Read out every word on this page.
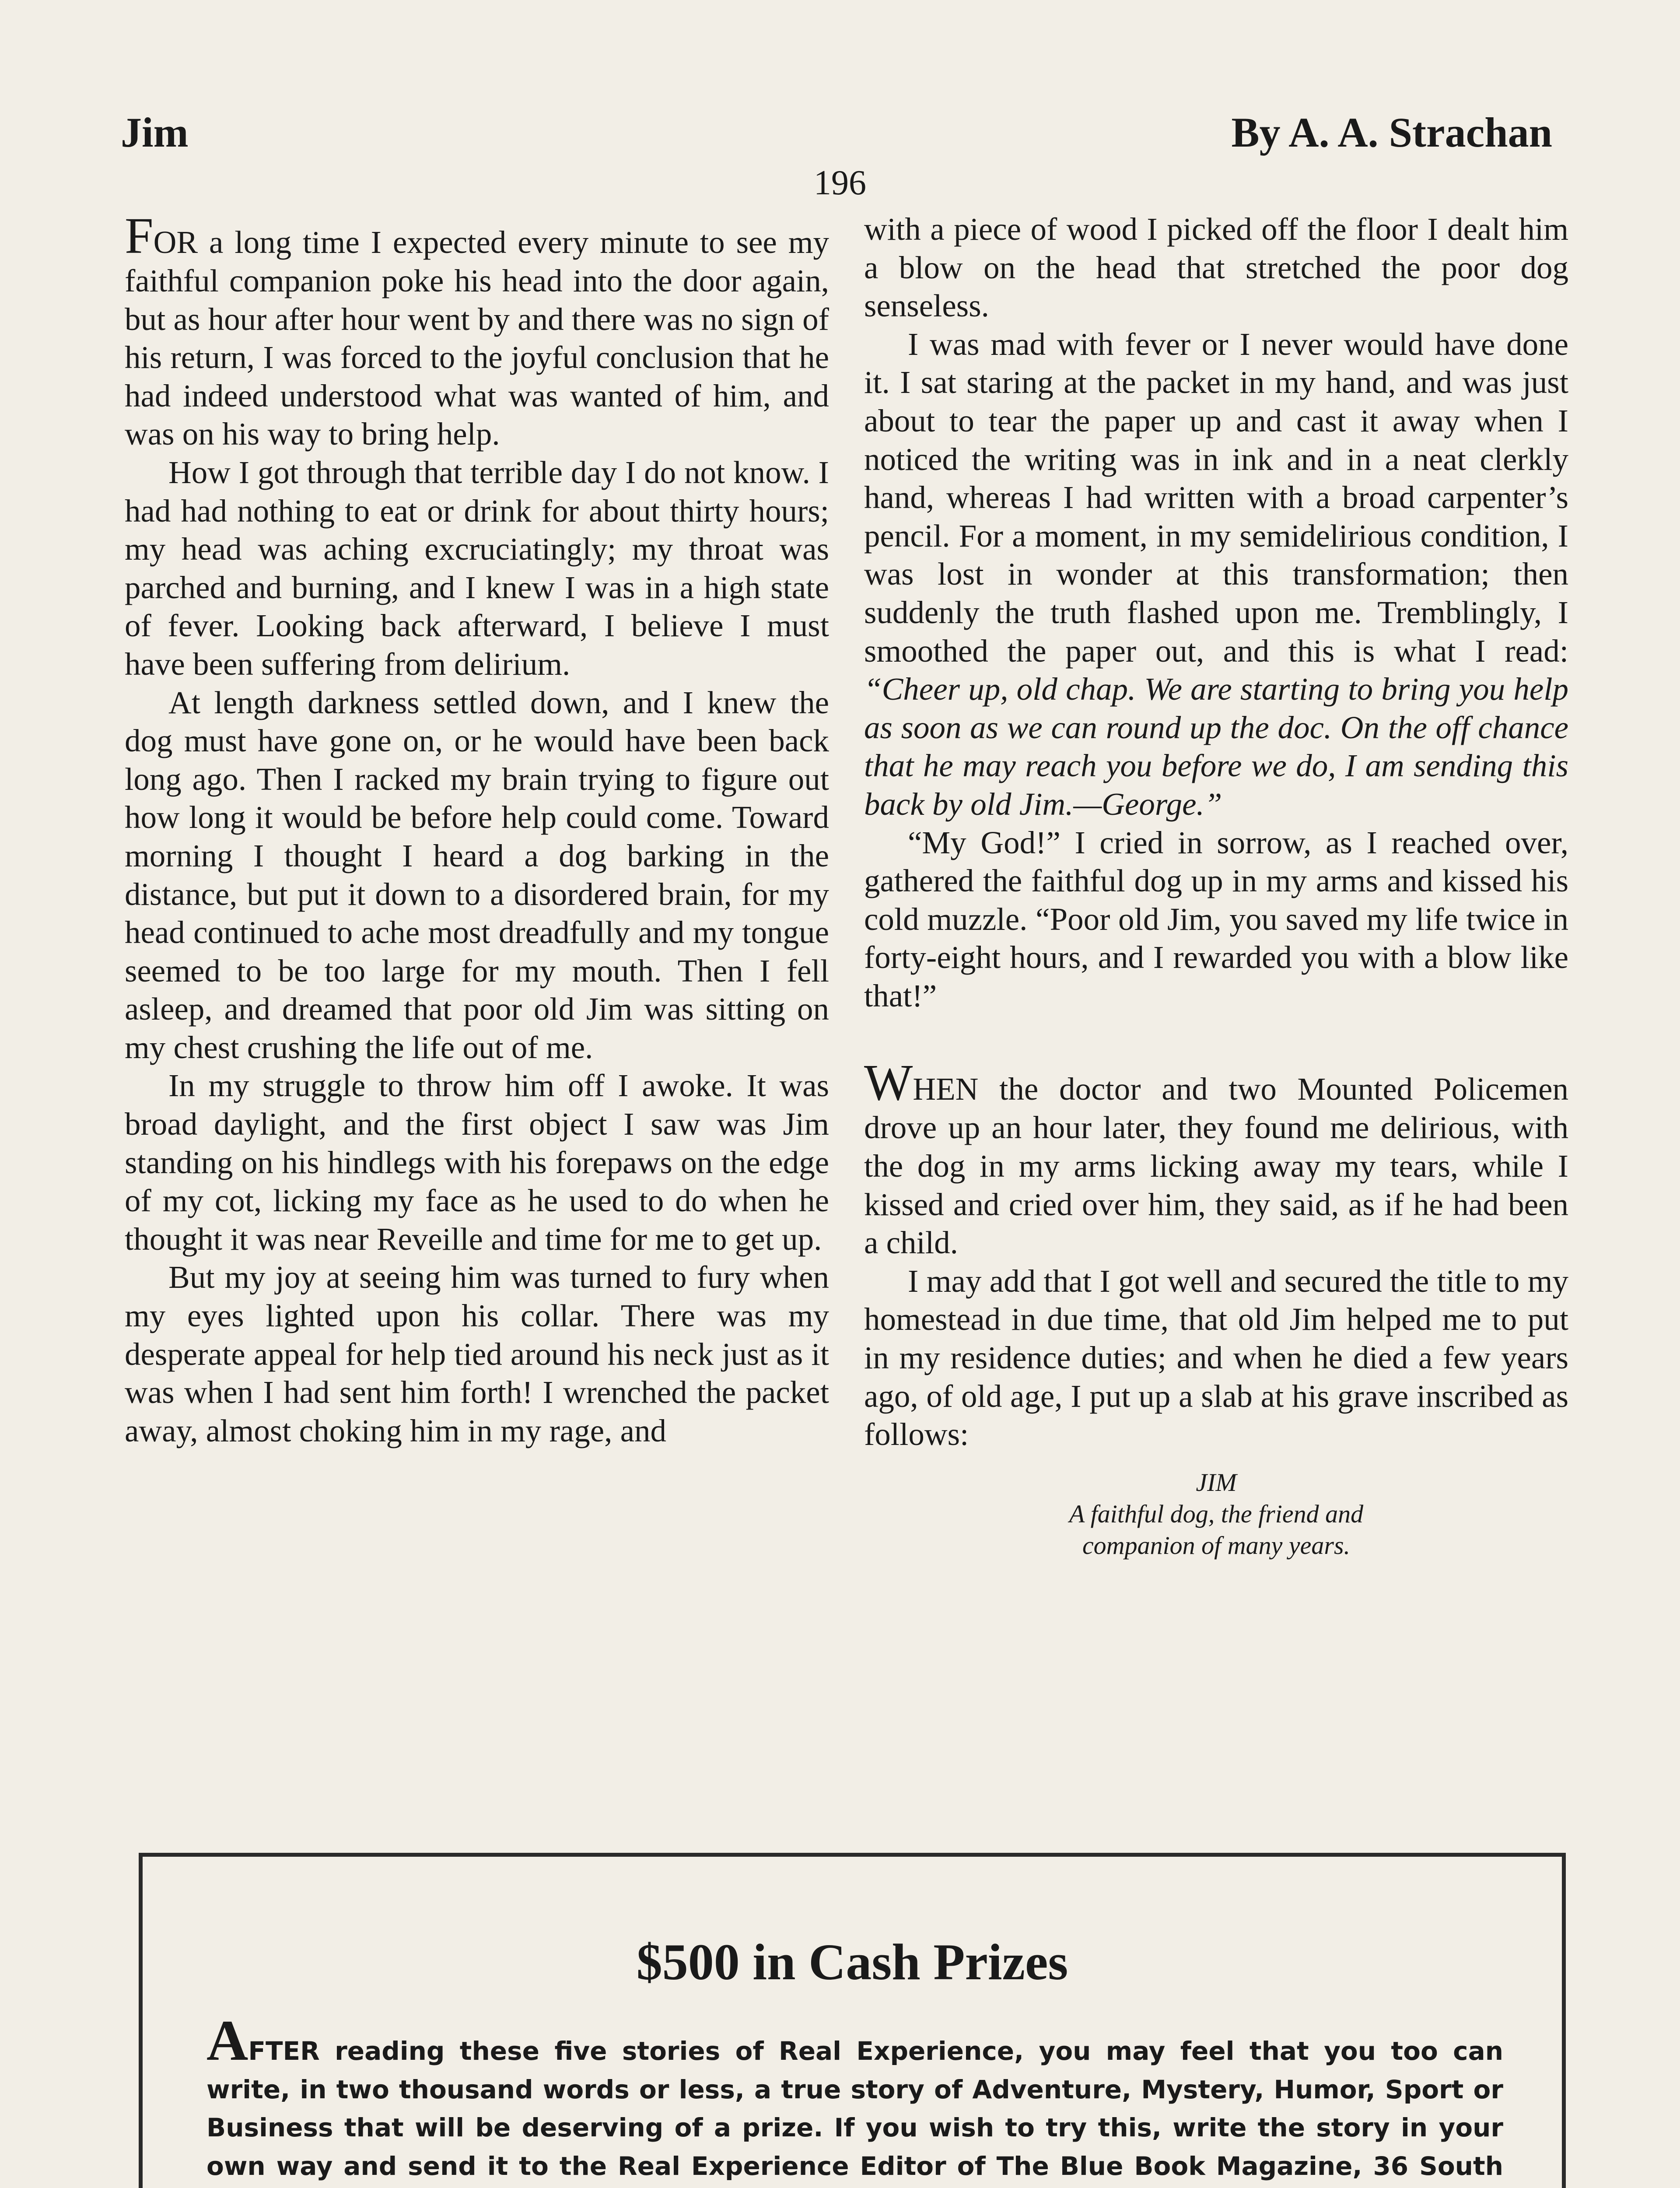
Jim	By A. A. Strachan
196

FOR a long time I expected every minute to see my faithful companion poke his head into the door again, but as hour after hour went by and there was no sign of his return, I was forced to the joyful conclusion that he had indeed understood what was wanted of him, and was on his way to bring help.

How I got through that terrible day I do not know. I had had nothing to eat or drink for about thirty hours; my head was aching excruciatingly; my throat was parched and burning, and I knew I was in a high state of fever. Looking back afterward, I believe I must have been suffering from delirium.

At length darkness settled down, and I knew the dog must have gone on, or he would have been back long ago. Then I racked my brain trying to figure out how long it would be before help could come. Toward morning I thought I heard a dog barking in the distance, but put it down to a disordered brain, for my head continued to ache most dreadfully and my tongue seemed to be too large for my mouth. Then I fell asleep, and dreamed that poor old Jim was sitting on my chest crushing the life out of me.

In my struggle to throw him off I awoke. It was broad daylight, and the first object I saw was Jim standing on his hindlegs with his forepaws on the edge of my cot, licking my face as he used to do when he thought it was near Reveille and time for me to get up.

But my joy at seeing him was turned to fury when my eyes lighted upon his collar. There was my desperate appeal for help tied around his neck just as it was when I had sent him forth! I wrenched the packet away, almost choking him in my rage, and

with a piece of wood I picked off the floor I dealt him a blow on the head that stretched the poor dog senseless.

I was mad with fever or I never would have done it. I sat staring at the packet in my hand, and was just about to tear the paper up and cast it away when I noticed the writing was in ink and in a neat clerkly hand, whereas I had written with a broad carpenter’s pencil. For a moment, in my semidelirious condition, I was lost in wonder at this transformation; then suddenly the truth flashed upon me. Tremblingly, I smoothed the paper out, and this is what I read: “Cheer up, old chap. We are starting to bring you help as soon as we can round up the doc. On the off chance that he may reach you before we do, I am sending this back by old Jim.—George.”

“My God!” I cried in sorrow, as I reached over, gathered the faithful dog up in my arms and kissed his cold muzzle. “Poor old Jim, you saved my life twice in forty-eight hours, and I rewarded you with a blow like that!”

WHEN the doctor and two Mounted Policemen drove up an hour later, they found me delirious, with the dog in my arms licking away my tears, while I kissed and cried over him, they said, as if he had been a child.

I may add that I got well and secured the title to my homestead in due time, that old Jim helped me to put in my residence duties; and when he died a few years ago, of old age, I put up a slab at his grave inscribed as follows:

JIM
A faithful dog, the friend and
companion of many years.
$500 in Cash Prizes

AFTER reading these five stories of Real Experience, you may feel that you too can write, in two thousand words or less, a true story of Adventure, Mystery, Humor, Sport or Business that will be deserving of a prize. If you wish to try this, write the story in your own way and send it to the Real Experience Editor of The Blue Book Magazine, 36 South
